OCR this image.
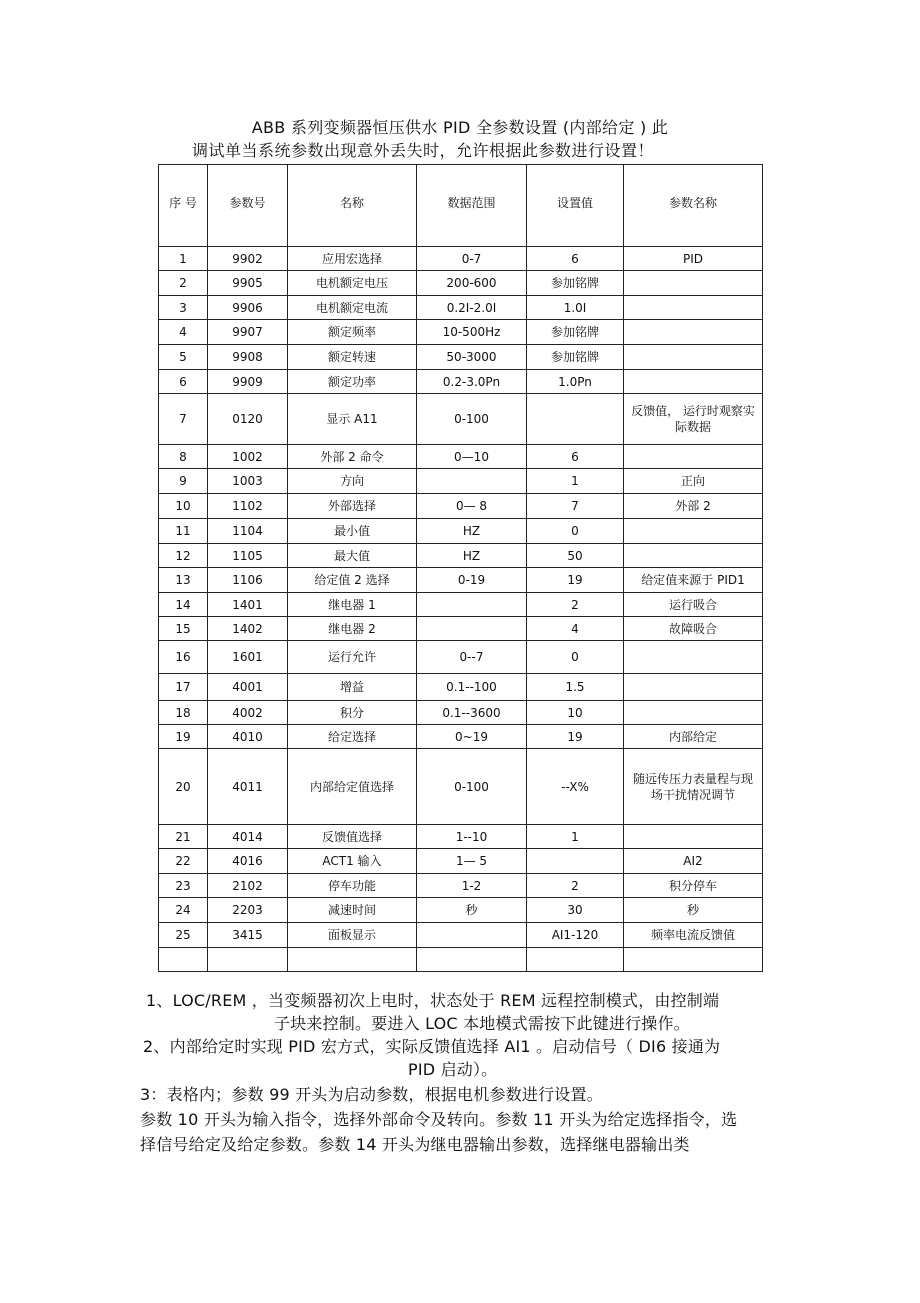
ABB 系列变频器恒压供水 PID 全参数设置 (内部给定 ) 此
调试单当系统参数出现意外丢失时，允许根据此参数进行设置！
序 号	参数号	名称	数据范围	设置值	参数名称
1	9902	应用宏选择	0-7	6	PID
2	9905	电机额定电压	200-600	参加铭牌	
3	9906	电机额定电流	0.2I-2.0I	1.0I	
4	9907	额定频率	10-500Hz	参加铭牌	
5	9908	额定转速	50-3000	参加铭牌	
6	9909	额定功率	0.2-3.0Pn	1.0Pn	
7	0120	显示 A11	0-100		反馈值， 运行时观察实际数据
8	1002	外部 2 命令	0—10	6	
9	1003	方向		1	正向
10	1102	外部选择	0— 8	7	外部 2
11	1104	最小值	HZ	0	
12	1105	最大值	HZ	50	
13	1106	给定值 2 选择	0-19	19	给定值来源于 PID1
14	1401	继电器 1		2	运行吸合
15	1402	继电器 2		4	故障吸合
16	1601	运行允许	0--7	0	
17	4001	增益	0.1--100	1.5	
18	4002	积分	0.1--3600	10	
19	4010	给定选择	0~19	19	内部给定
20	4011	内部给定值选择	0-100	--X%	随远传压力表量程与现场干扰情况调节
21	4014	反馈值选择	1--10	1	
22	4016	ACT1 输入	1— 5		AI2
23	2102	停车功能	1-2	2	积分停车
24	2203	减速时间	秒	30	秒
25	3415	面板显示		AI1-120	频率电流反馈值

1、LOC/REM ，当变频器初次上电时，状态处于 REM 远程控制模式，由控制端
子块来控制。要进入 LOC 本地模式需按下此键进行操作。
2、内部给定时实现 PID 宏方式，实际反馈值选择 AI1 。启动信号（ DI6 接通为
PID 启动）。
3：表格内；参数 99 开头为启动参数，根据电机参数进行设置。
参数 10 开头为输入指令，选择外部命令及转向。参数 11 开头为给定选择指令，选
择信号给定及给定参数。参数 14 开头为继电器输出参数，选择继电器输出类
